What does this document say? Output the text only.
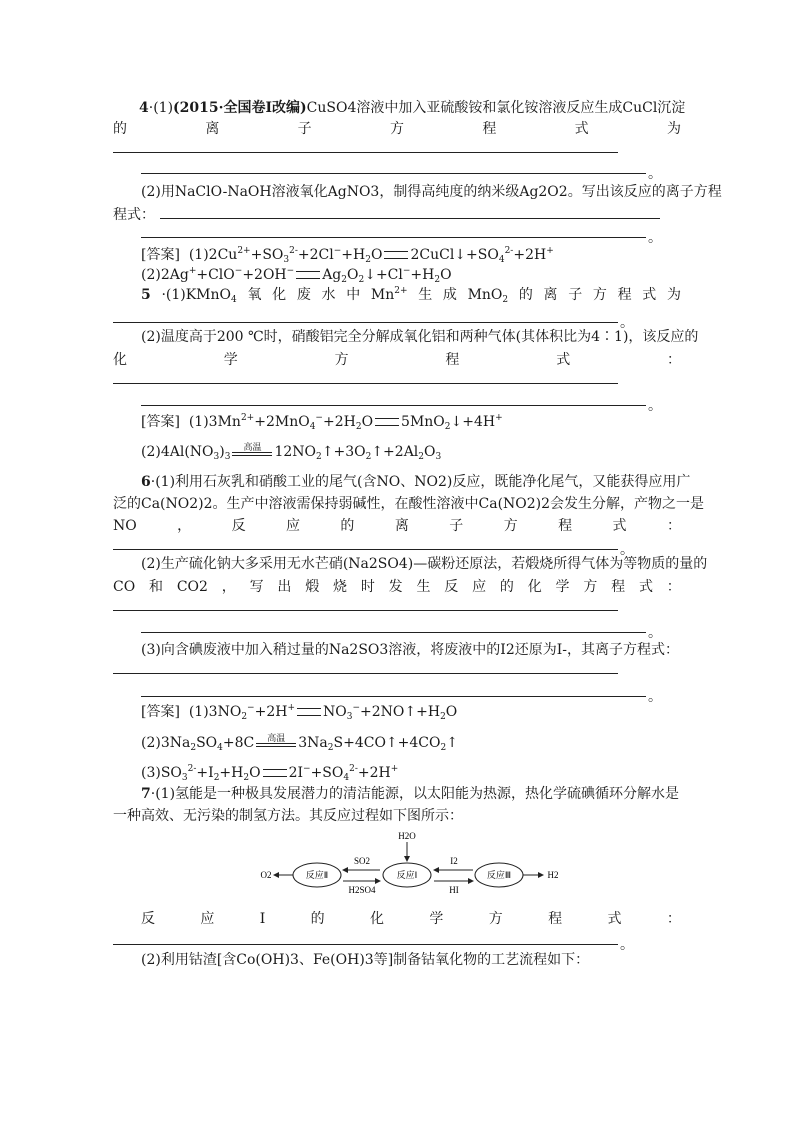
4·(1)(2015·全国卷Ⅰ改编)CuSO4溶液中加入亚硫酸铵和氯化铵溶液反应生成CuCl沉淀
的	离	子	方	程	式	为
。
(2)用NaClO-NaOH溶液氧化AgNO3，制得高纯度的纳米级Ag2O2。写出该反应的离子方程
程式：
。
[答案]  $(1)2Cu^{2+}+SO_3^{2-}+2Cl^-+H_2O$ $2CuCl↓+SO_4^{2-}+2H^+$
(2)2Ag++ClO−+2OH− $Ag_2O_2↓+Cl^-+H_2O$
5 ·(1)KMnO$_4$ 氧 化 废 水 中 $Mn^{2+}$ 生 成 MnO$_2$ 的 离 子 方 程 式 为
。
(2)温度高于200 ℃时，硝酸铝完全分解成氧化铝和两种气体(其体积比为4∶1)，该反应的
化	学	方	程	式	：
。
[答案]  $(1)3Mn^{2+}+2MnO_4^-+2H_2O$ 5MnO$_2$↓+4H+
$(2)4Al(NO_3)_3$
高温 $12NO_2↑+3O_2↑+2Al_2O_3$
6·(1)利用石灰乳和硝酸工业的尾气(含NO、NO2)反应，既能净化尾气，又能获得应用广
泛的Ca(NO2)2。生产中溶液需保持弱碱性，在酸性溶液中Ca(NO2)2会发生分解，产物之一是
NO	，	反	应	的	离	子	方	程	式	：
。
(2)生产硫化钠大多采用无水芒硝(Na2SO4)—碳粉还原法，若煅烧所得气体为等物质的量的
CO 和 CO2 ， 写 出 煅 烧 时 发 生 反 应 的 化 学 方 程 式 ：
。
(3)向含碘废液中加入稍过量的Na2SO3溶液，将废液中的I2还原为I-，其离子方程式：
。
[答案]  $(1)3NO_2^-+2H^+$ $NO_3^-+2NO↑+H_2O$
$(2)3Na_2SO_4+8C$	高温 $3Na_2S+4CO↑+4CO_2↑$
$(3)SO_3^{2-}+I_2+H_2O$ $2I^-+SO_4^{2-}+2H^+$
7·(1)氢能是一种极具发展潜力的清洁能源，以太阳能为热源，热化学硫碘循环分解水是
一种高效、无污染的制氢方法。其反应过程如下图所示：
反应Ⅱ	反应Ⅰ	反应Ⅲ
H2O
SO2
H2SO4
I2
HI
O2	H2
反	应	Ⅰ	的	化	学	方	程	式	：
。
(2)利用钴渣[含Co(OH)3、Fe(OH)3等]制备钴氧化物的工艺流程如下：
